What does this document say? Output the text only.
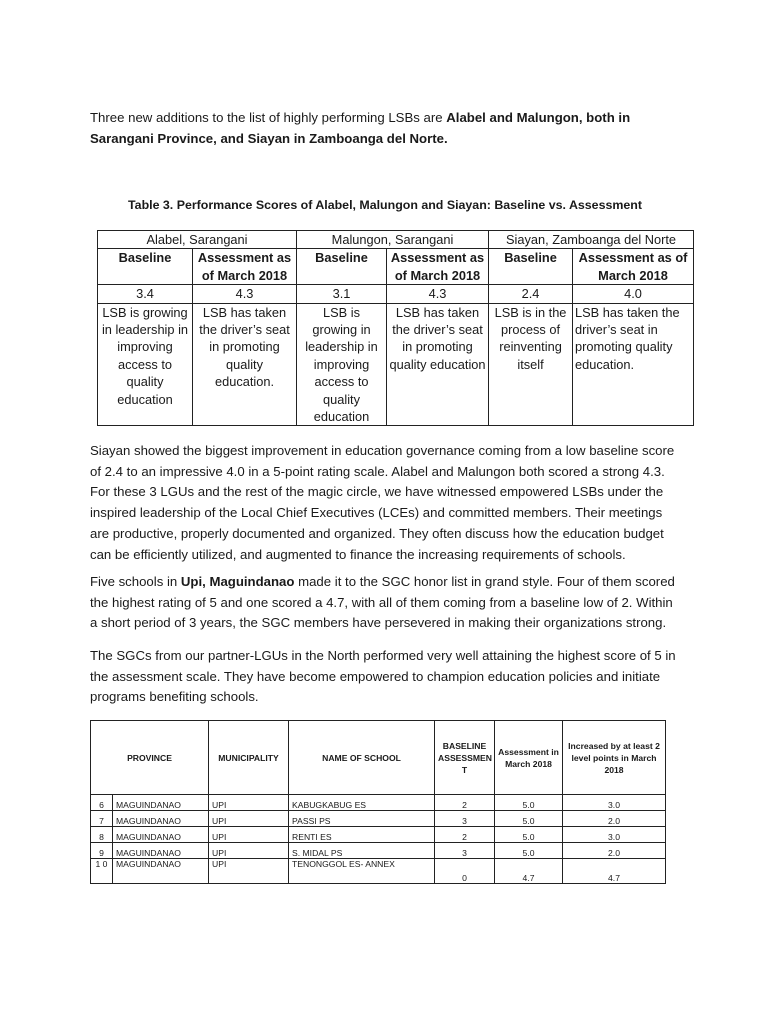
Three new additions to the list of highly performing LSBs are Alabel and Malungon, both in Sarangani Province, and Siayan in Zamboanga del Norte.

Table 3. Performance Scores of Alabel, Malungon and Siayan: Baseline vs. Assessment
Alabel, Sarangani		Malungon, Sarangani		Siayan, Zamboanga del Norte	
Baseline	Assessment as of March 2018	Baseline	Assessment as of March 2018	Baseline	Assessment as of March 2018
3.4	4.3	3.1	4.3	2.4	4.0
LSB is growing in leadership in improving access to quality education	LSB has taken the driver’s seat in promoting quality education.	LSB is growing in leadership in improving access to quality education	LSB has taken the driver’s seat in promoting quality education	LSB is in the process of reinventing itself	LSB has taken the driver’s seat in promoting quality education.

Siayan showed the biggest improvement in education governance coming from a low baseline score of 2.4 to an impressive 4.0 in a 5-point rating scale. Alabel and Malungon both scored a strong 4.3. For these 3 LGUs and the rest of the magic circle, we have witnessed empowered LSBs under the inspired leadership of the Local Chief Executives (LCEs) and committed members. Their meetings are productive, properly documented and organized. They often discuss how the education budget can be efficiently utilized, and augmented to finance the increasing requirements of schools.

Five schools in Upi, Maguindanao made it to the SGC honor list in grand style. Four of them scored the highest rating of 5 and one scored a 4.7, with all of them coming from a baseline low of 2. Within a short period of 3 years, the SGC members have persevered in making their organizations strong.

The SGCs from our partner-LGUs in the North performed very well attaining the highest score of 5 in the assessment scale. They have become empowered to champion education policies and initiate programs benefiting schools.

PROVINCE		MUNICIPALITY	NAME OF SCHOOL	BASELINE ASSESSMEN T	Assessment in March 2018	Increased by at least 2 level points in March 2018
6	MAGUINDANAO	UPI	KABUGKABUG ES	2	5.0	3.0
7	MAGUINDANAO	UPI	PASSI PS	3	5.0	2.0
8	MAGUINDANAO	UPI	RENTI ES	2	5.0	3.0
9	MAGUINDANAO	UPI	S. MIDAL PS	3	5.0	2.0
1 0	MAGUINDANAO	UPI	TENONGGOL ES- ANNEX	0	4.7	4.7
